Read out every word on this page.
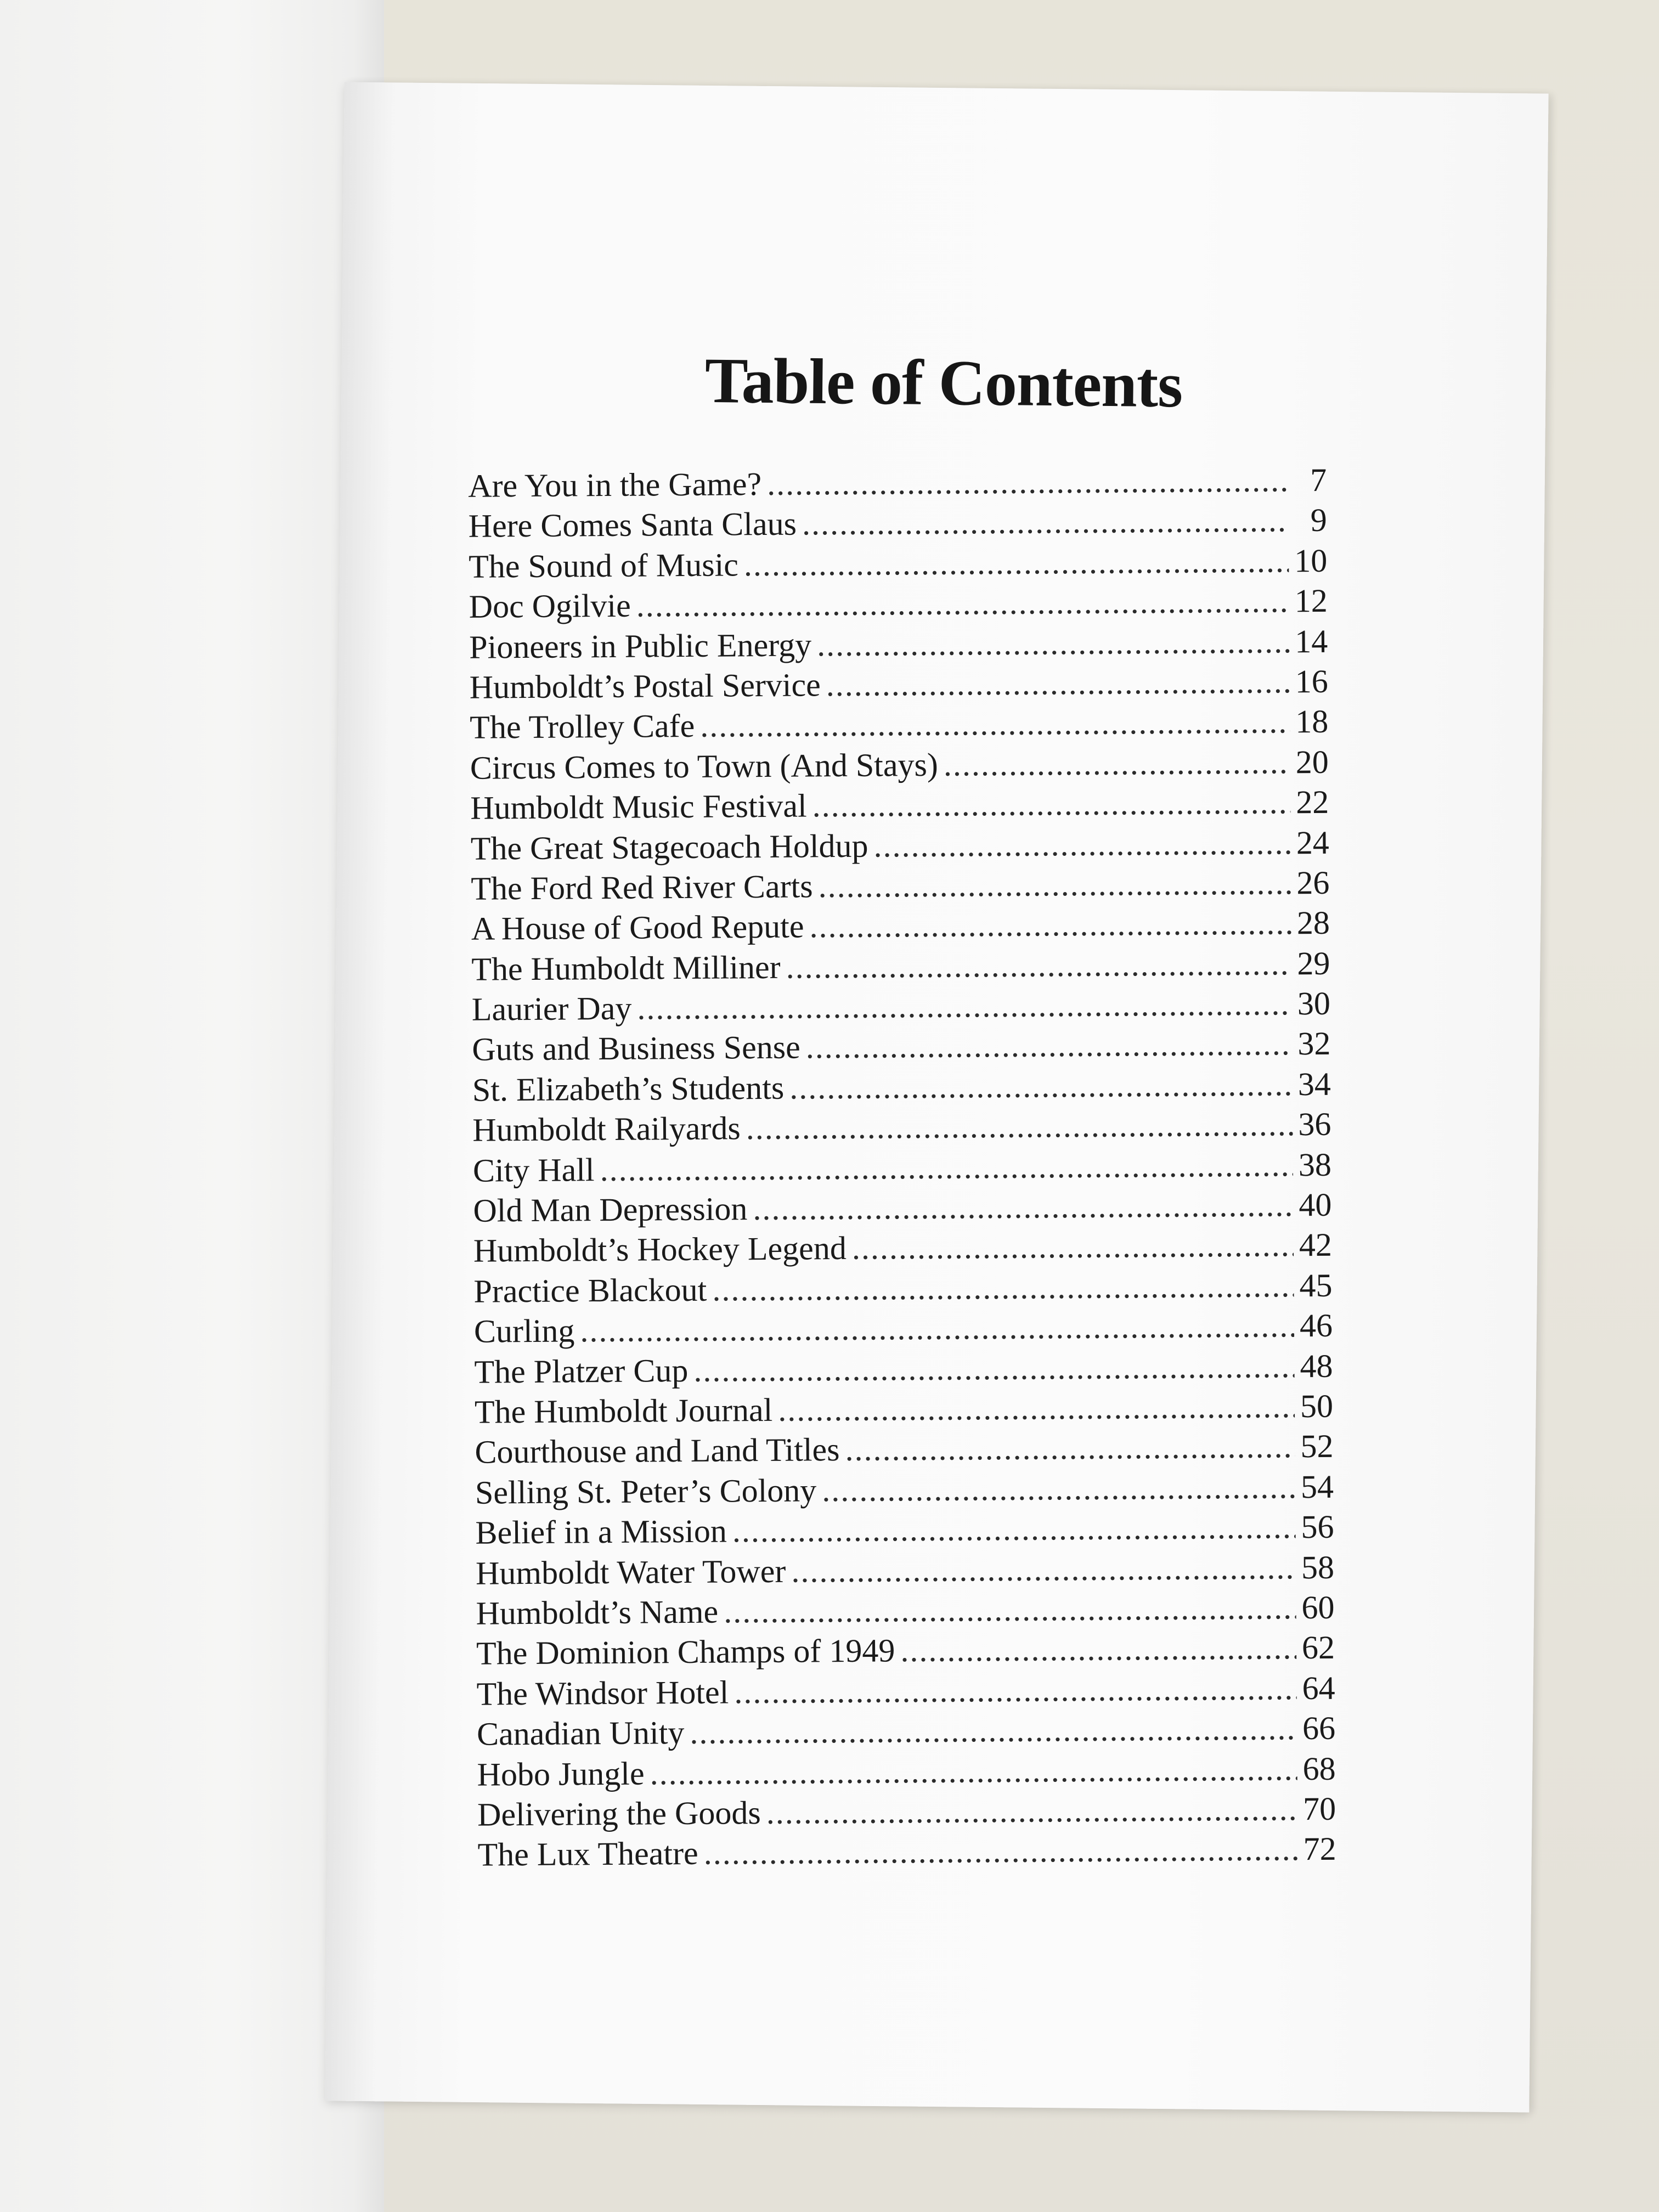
Table of Contents
Are You in the Game? .....	7
Here Comes Santa Claus .....	9
The Sound of Music .....	10
Doc Ogilvie .....	12
Pioneers in Public Energy .....	14
Humboldt’s Postal Service .....	16
The Trolley Cafe .....	18
Circus Comes to Town (And Stays) .....	20
Humboldt Music Festival .....	22
The Great Stagecoach Holdup .....	24
The Ford Red River Carts .....	26
A House of Good Repute .....	28
The Humboldt Milliner .....	29
Laurier Day .....	30
Guts and Business Sense .....	32
St. Elizabeth’s Students .....	34
Humboldt Railyards .....	36
City Hall .....	38
Old Man Depression .....	40
Humboldt’s Hockey Legend .....	42
Practice Blackout .....	45
Curling .....	46
The Platzer Cup .....	48
The Humboldt Journal .....	50
Courthouse and Land Titles .....	52
Selling St. Peter’s Colony .....	54
Belief in a Mission .....	56
Humboldt Water Tower .....	58
Humboldt’s Name .....	60
The Dominion Champs of 1949 .....	62
The Windsor Hotel .....	64
Canadian Unity .....	66
Hobo Jungle .....	68
Delivering the Goods .....	70
The Lux Theatre .....	72
